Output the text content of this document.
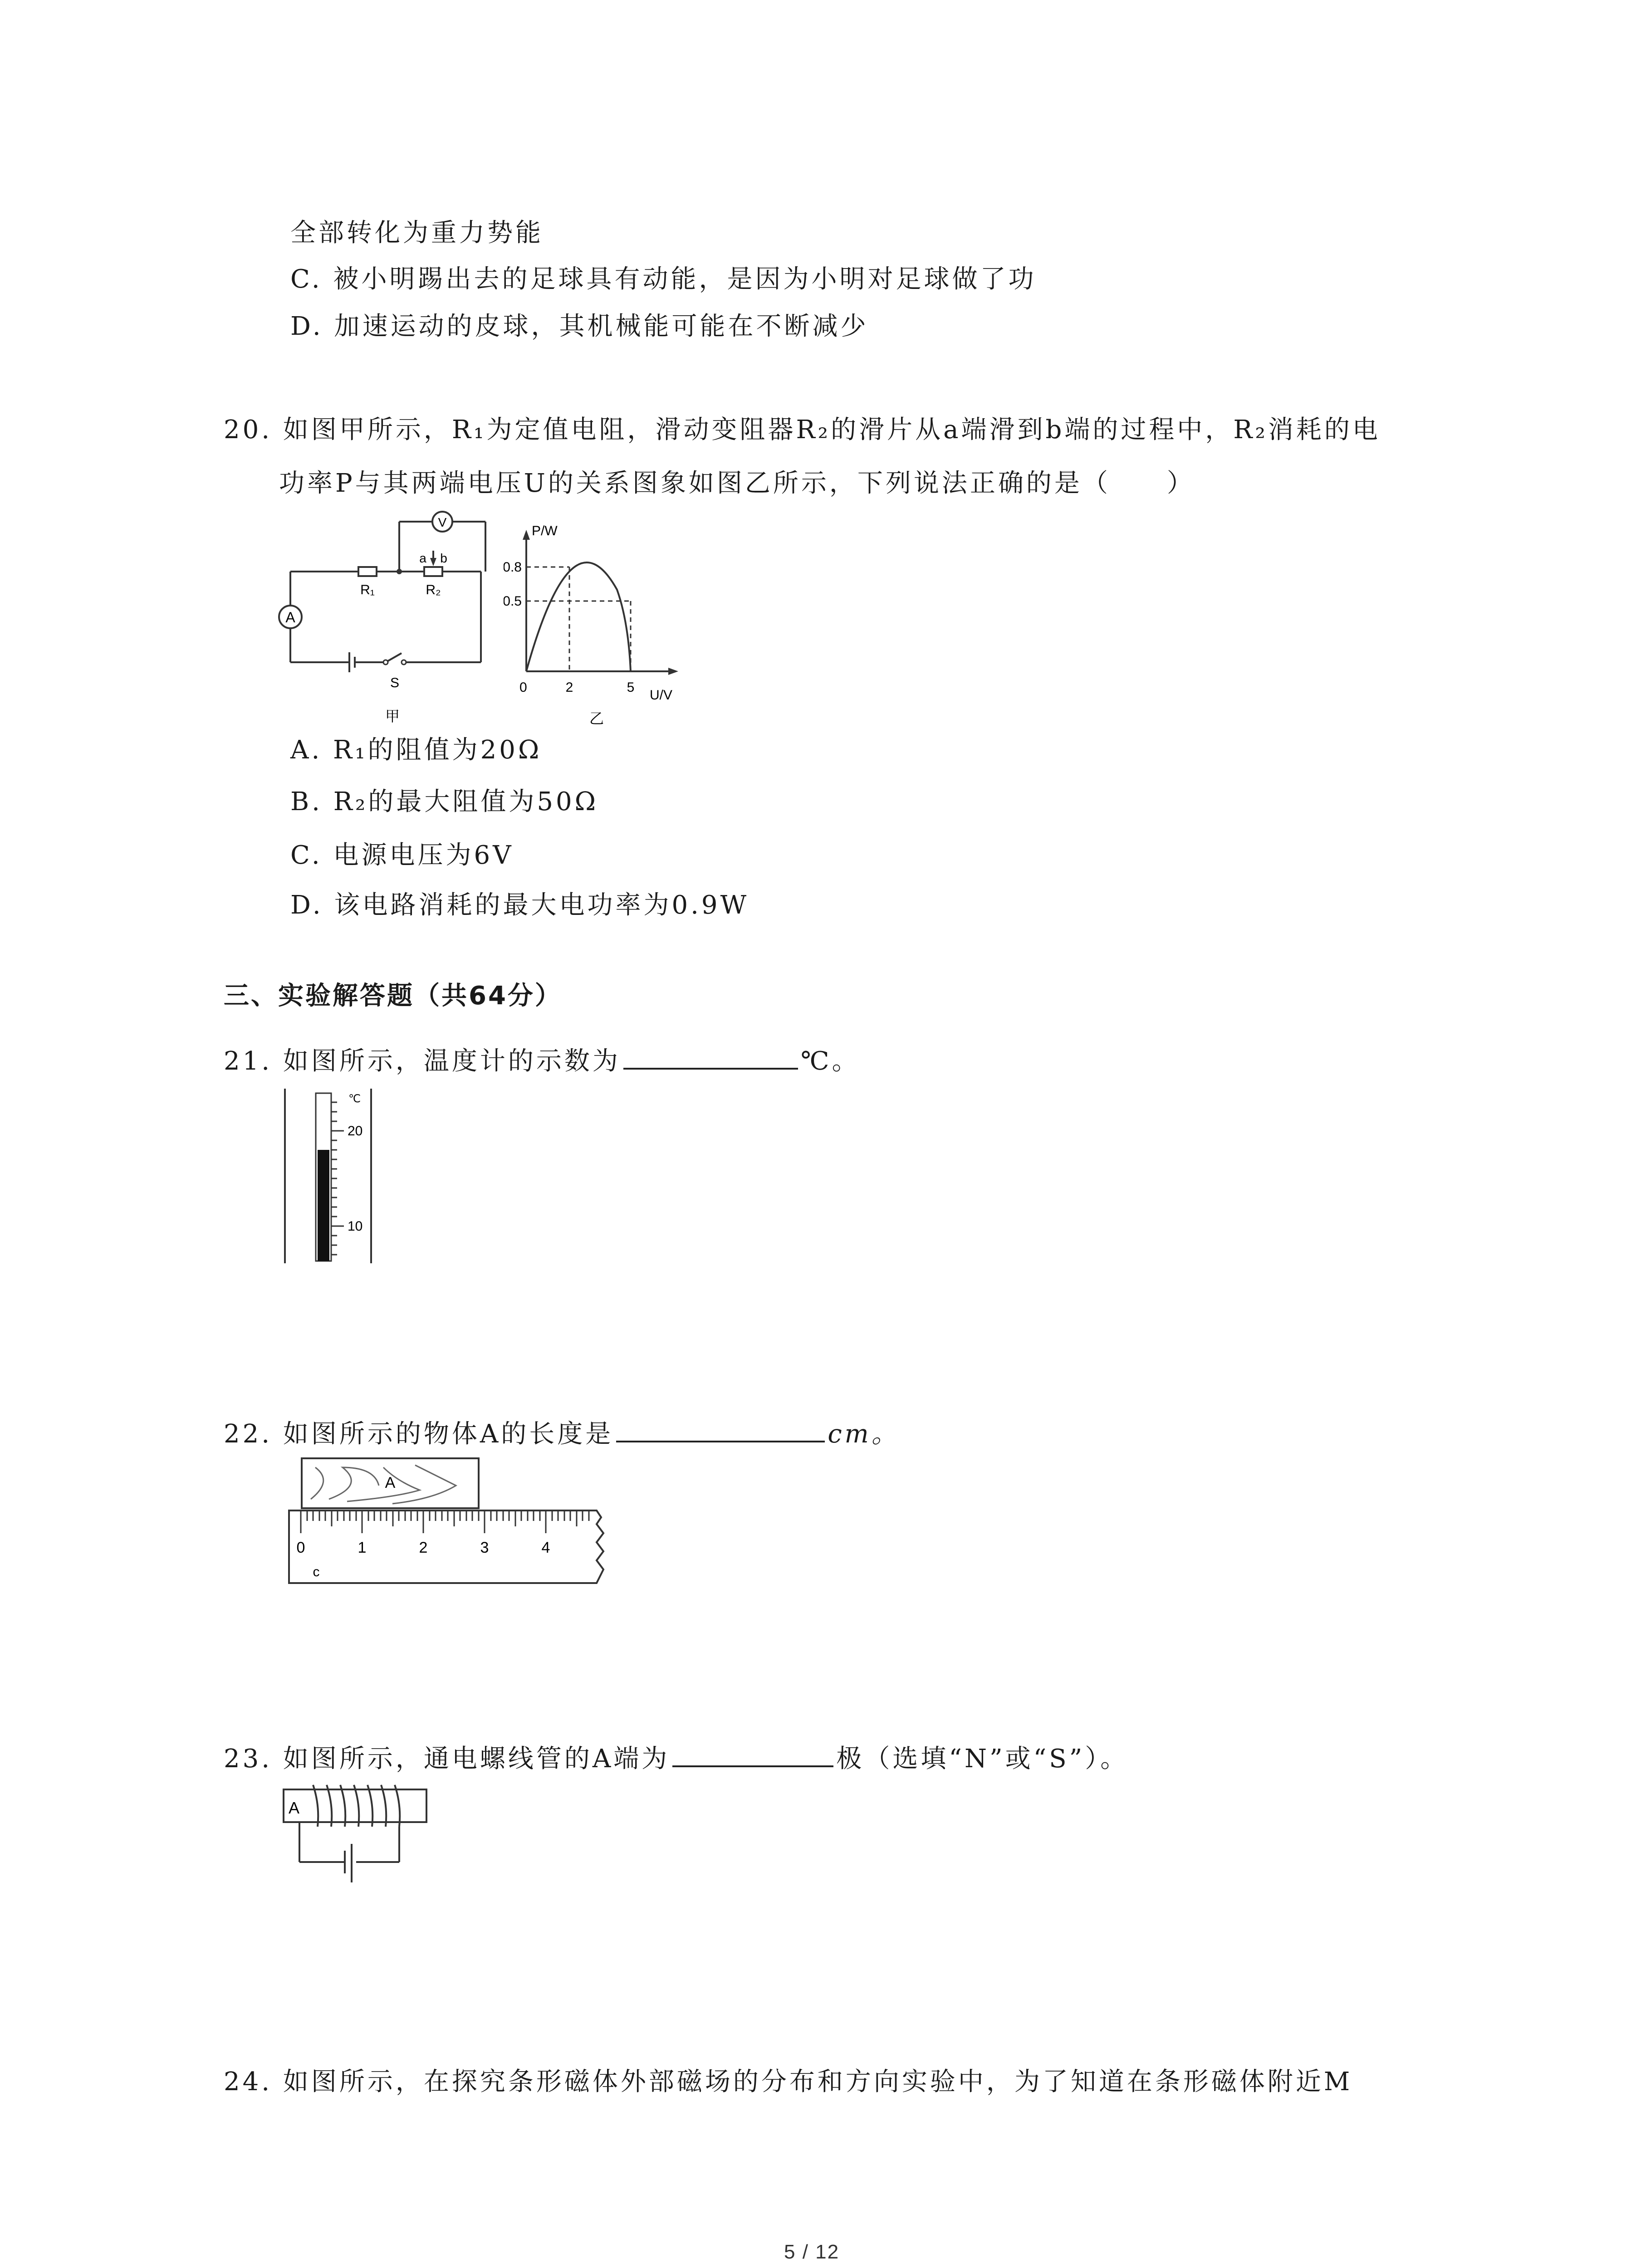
全部转化为重力势能
C. 被小明踢出去的足球具有动能，是因为小明对足球做了功
D. 加速运动的皮球，其机械能可能在不断减少
20. 如图甲所示，R₁为定值电阻，滑动变阻器R₂的滑片从a端滑到b端的过程中，R₂消耗的电
功率P与其两端电压U的关系图象如图乙所示，下列说法正确的是（　　）
A
V
R₁	R₂
a b
S
甲
P/W
0.8
0.5
0	2	5
U/V
乙
A. R₁的阻值为20Ω
B. R₂的最大阻值为50Ω
C. 电源电压为6V
D. 该电路消耗的最大电功率为0.9W
三、实验解答题（共64分）
21. 如图所示，温度计的示数为	℃。
℃
20
10
22. 如图所示的物体A的长度是	cm。
A
0	1	2	3	4
c
23. 如图所示，通电螺线管的A端为	极（选填“N”或“S”）。
A
24. 如图所示，在探究条形磁体外部磁场的分布和方向实验中，为了知道在条形磁体附近M
5 / 12
